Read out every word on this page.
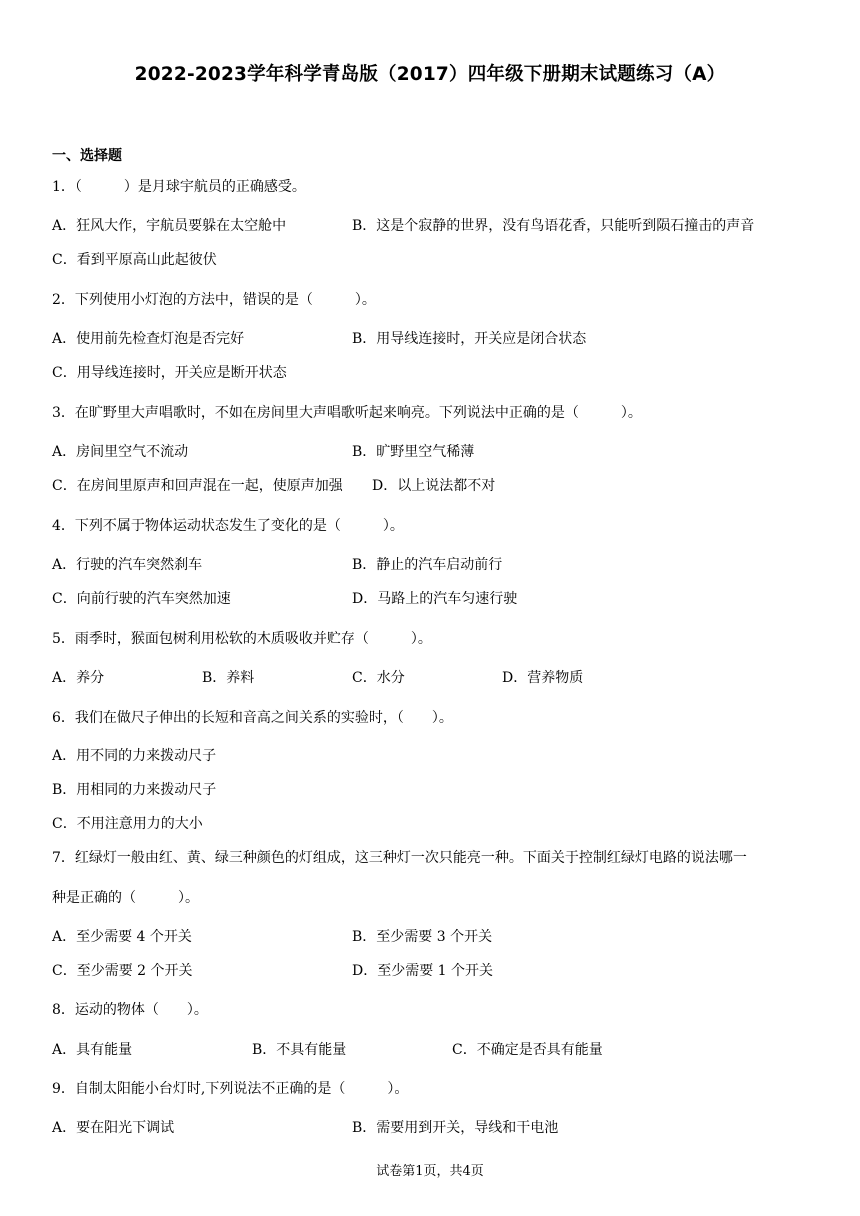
2022-2023学年科学青岛版（2017）四年级下册期末试题练习（A）
一、选择题
1．（　　　）是月球宇航员的正确感受。
A．狂风大作，宇航员要躲在太空舱中	B．这是个寂静的世界，没有鸟语花香，只能听到陨石撞击的声音
C．看到平原高山此起彼伏
2．下列使用小灯泡的方法中，错误的是（　　　）。
A．使用前先检查灯泡是否完好	B．用导线连接时，开关应是闭合状态
C．用导线连接时，开关应是断开状态
3．在旷野里大声唱歌时，不如在房间里大声唱歌听起来响亮。下列说法中正确的是（　　　）。
A．房间里空气不流动	B．旷野里空气稀薄
C．在房间里原声和回声混在一起，使原声加强 D．以上说法都不对
4．下列不属于物体运动状态发生了变化的是（　　　）。
A．行驶的汽车突然刹车	B．静止的汽车启动前行
C．向前行驶的汽车突然加速	D．马路上的汽车匀速行驶
5．雨季时，猴面包树利用松软的木质吸收并贮存（　　　）。
A．养分	B．养料	C．水分	D．营养物质
6．我们在做尺子伸出的长短和音高之间关系的实验时，（　　）。
A．用不同的力来拨动尺子
B．用相同的力来拨动尺子
C．不用注意用力的大小
7．红绿灯一般由红、黄、绿三种颜色的灯组成，这三种灯一次只能亮一种。下面关于控制红绿灯电路的说法哪一
种是正确的（　　　）。
A．至少需要 4 个开关	B．至少需要 3 个开关
C．至少需要 2 个开关	D．至少需要 1 个开关
8．运动的物体（　　）。
A．具有能量	B．不具有能量	C．不确定是否具有能量
9．自制太阳能小台灯时,下列说法不正确的是（　　　）。
A．要在阳光下调试	B．需要用到开关，导线和干电池
试卷第1页，共4页
